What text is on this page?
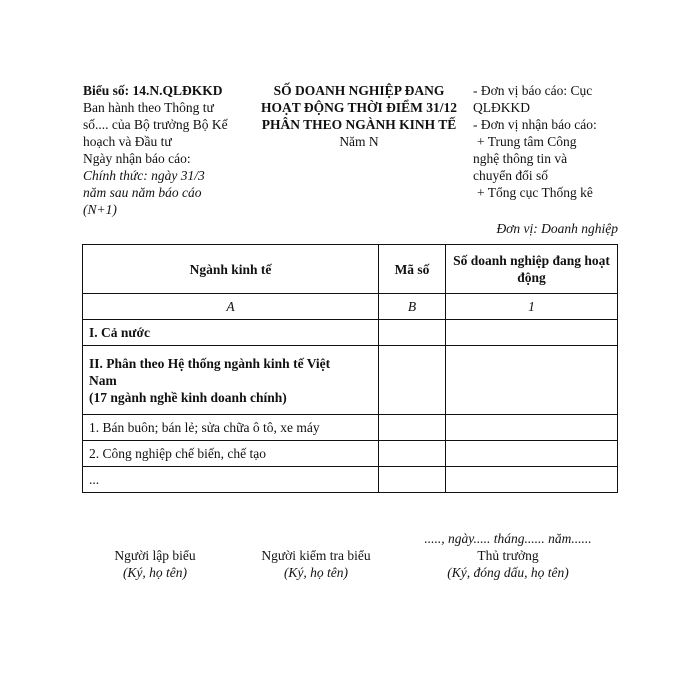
Biểu số: 14.N.QLĐKKD
Ban hành theo Thông tư
số.... của Bộ trưởng Bộ Kế
hoạch và Đầu tư
Ngày nhận báo cáo:
Chính thức: ngày 31/3
năm sau năm báo cáo
(N+1)
SỐ DOANH NGHIỆP ĐANG
HOẠT ĐỘNG THỜI ĐIỂM 31/12
PHÂN THEO NGÀNH KINH TẾ
Năm N
- Đơn vị báo cáo: Cục
QLĐKKD
- Đơn vị nhận báo cáo:
+ Trung tâm Công
nghệ thông tin và
chuyển đổi số
+ Tổng cục Thống kê
Đơn vị: Doanh nghiệp
Ngành kinh tế	Mã số	Số doanh nghiệp đang hoạt động
A	B	1
I. Cả nước		

II. Phân theo Hệ thống ngành kinh tế Việt
Nam
(17 ngành nghề kinh doanh chính)		

1. Bán buôn; bán lẻ; sửa chữa ô tô, xe máy		
2. Công nghiệp chế biến, chế tạo		
...		
....., ngày..... tháng...... năm......
Người lập biểu
(Ký, họ tên)
Người kiểm tra biểu
(Ký, họ tên)
Thủ trưởng
(Ký, đóng dấu, họ tên)
